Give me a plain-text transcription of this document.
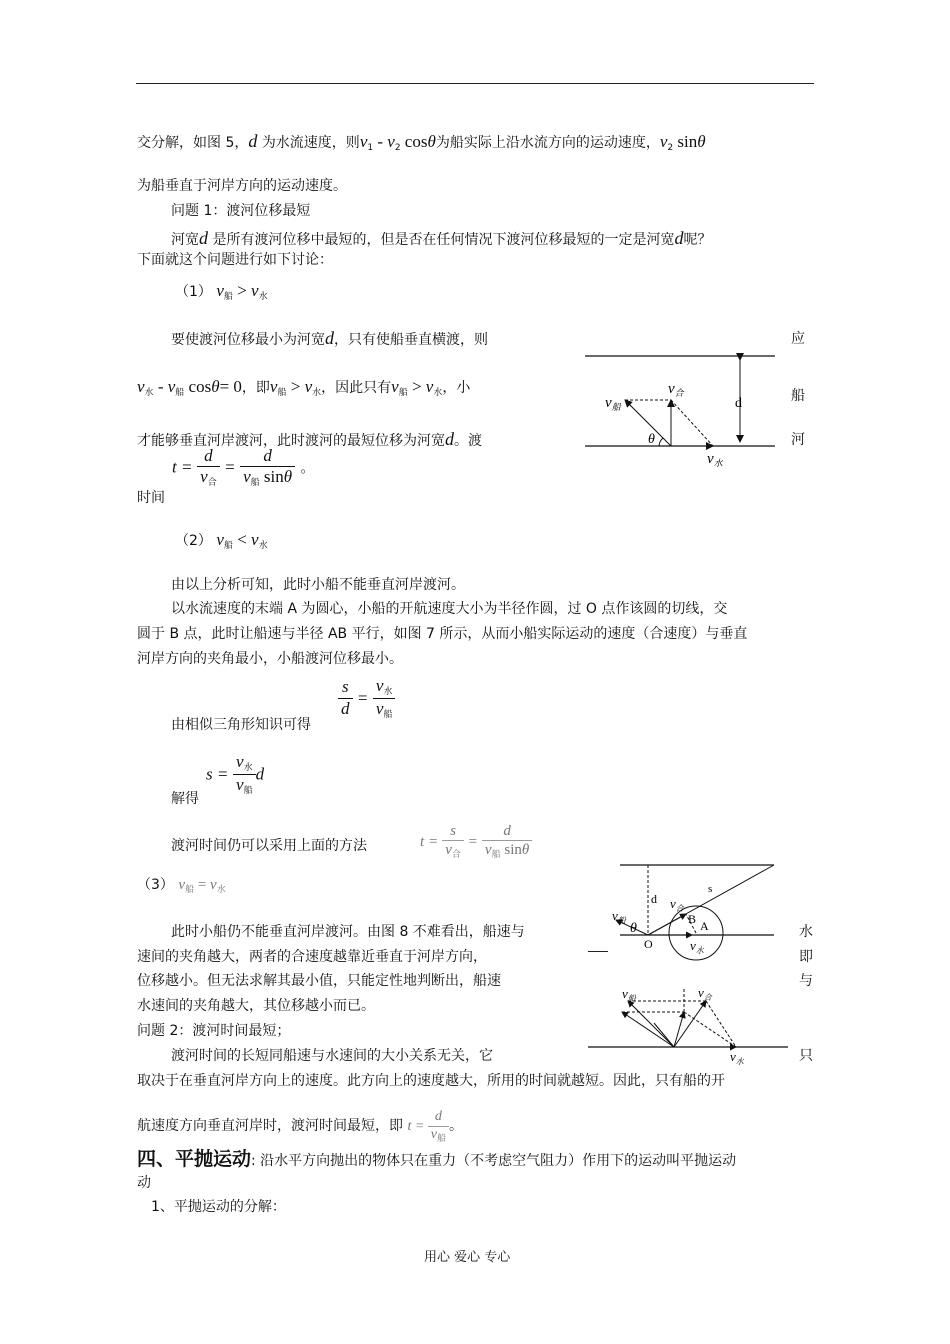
交分解，如图 5，d 为水流速度，则$v_1 - v_2$ cosθ为船实际上沿水流方向的运动速度，$v_2$ sinθ
为船垂直于河岸方向的运动速度。
问题 1：渡河位移最短
河宽d 是所有渡河位移中最短的，但是否在任何情况下渡河位移最短的一定是河宽d呢？
下面就这个问题进行如下讨论：
（1） $v_船 > v_水$
要使渡河位移最小为河宽d，只有使船垂直横渡，则	应
$v_水 - v_船$ cosθ= 0，即$v_船 > v_水$，因此只有$v_船 > v_水$，小	船
才能够垂直河岸渡河，此时渡河的最短位移为河宽d。渡	河
时间
$t = \frac{d}{v_合} = \frac{d}{v_船 \sin\theta}$ 。
（2） $v_船 < v_水$
由以上分析可知，此时小船不能垂直河岸渡河。
以水流速度的末端 A 为圆心，小船的开航速度大小为半径作圆，过 O 点作该圆的切线，交
圆于 B 点，此时让船速与半径 AB 平行，如图 7 所示，从而小船实际运动的速度（合速度）与垂直
河岸方向的夹角最小，小船渡河位移最小。
由相似三角形知识可得
$\frac{s}{d} = \frac{v_水}{v_船}$
解得
$s = \frac{v_水}{v_船}$ d
渡河时间仍可以采用上面的方法	$t = \frac{s}{v_合} = \frac{d}{v_船 \sin\theta}$
（3） $v_船 = v_水$
此时小船仍不能垂直河岸渡河。由图 8 不难看出，船速与	水
速间的夹角越大，两者的合速度越靠近垂直于河岸方向，	即
位移越小。但无法求解其最小值，只能定性地判断出，船速	与
水速间的夹角越大，其位移越小而已。
问题 2：渡河时间最短；
渡河时间的长短同船速与水速间的大小关系无关，它	只
取决于在垂直河岸方向上的速度。此方向上的速度越大，所用的时间就越短。因此，只有船的开
航速度方向垂直河岸时，渡河时间最短，即 $t = \frac{d}{v_船}$ 。
四、平抛运动: 沿水平方向抛出的物体只在重力（不考虑空气阻力）作用下的运动叫平抛运动
动
1、平抛运动的分解：
用心 爱心 专心
d
θ
$v_合$
$v_船$
$v_水$
d
s
B A
O
θ
$v_合$
$v_船$
$v_水$
$v_船$	$v_合$
$v_水$
